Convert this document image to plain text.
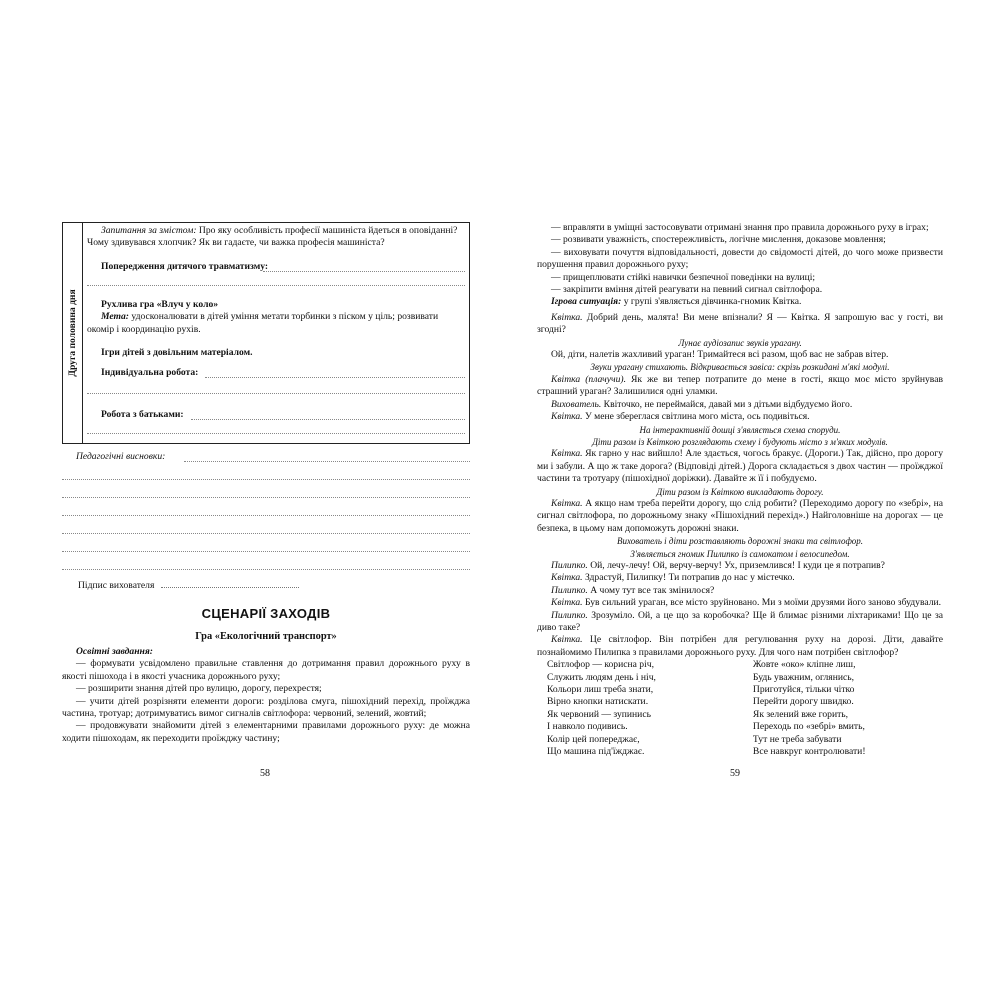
Друга половина дня

Запитання за змістом: Про яку особливість професії машиніста йдеться в оповіданні? Чому здивувався хлопчик? Як ви гадаєте, чи важка професія машиніста?

Попередження дитячого травматизму:

Рухлива гра «Влуч у коло»

Мета: удосконалювати в дітей уміння метати торбинки з піском у ціль; розвивати окомір і координацію рухів.

Ігри дітей з довільним матеріалом.

Індивідуальна робота:

Робота з батьками:

Педагогічні висновки:
Підпис вихователя
СЦЕНАРІЇ ЗАХОДІВ
Гра «Екологічний транспорт»

Освітні завдання:

— формувати усвідомлено правильне ставлення до дотримання правил дорожнього руху в якості пішохода і в якості учасника дорожнього руху;

— розширити знання дітей про вулицю, дорогу, перехрестя;

— учити дітей розрізняти елементи дороги: розділова смуга, пішохідний перехід, проїжджа частина, тротуар; дотримуватись вимог сигналів світлофора: червоний, зелений, жовтий;

— продовжувати знайомити дітей з елементарними правилами дорожнього руху: де можна ходити пішоходам, як переходити проїжджу частину;

58

— вправляти в уміщні застосовувати отримані знання про правила дорожнього руху в іграх;

— розвивати уважність, спостережливість, логічне мислення, доказове мовлення;

— виховувати почуття відповідальності, довести до свідомості дітей, до чого може призвести порушення правил дорожнього руху;

— прищеплювати стійкі навички безпечної поведінки на вулиці;

— закріпити вміння дітей реагувати на певний сигнал світлофора.

Ігрова ситуація: у групі з'являється дівчинка-гномик Квітка.

Квітка. Добрий день, малята! Ви мене впізнали? Я — Квітка. Я запрошую вас у гості, ви згодні?

Лунає аудіозапис звуків урагану.

Ой, діти, налетів жахливий ураган! Тримайтеся всі разом, щоб вас не забрав вітер.

Звуки урагану стихають. Відкривається завіса: скрізь розкидані м'які модулі.

Квітка (плачучи). Як же ви тепер потрапите до мене в гості, якщо моє місто зруйнував страшний ураган? Залишилися одні уламки.

Вихователь. Квіточко, не переймайся, давай ми з дітьми відбудуємо його.

Квітка. У мене збереглася світлина мого міста, ось подивіться.

На інтерактивній дошці з'являється схема споруди.

Діти разом із Квіткою розглядають схему і будують місто з м'яких модулів.

Квітка. Як гарно у нас вийшло! Але здається, чогось бракує. (Дороги.) Так, дійсно, про дорогу ми і забули. А що ж таке дорога? (Відповіді дітей.) Дорога складається з двох частин — проїжджої частини та тротуару (пішохідної доріжки). Давайте ж її і побудуємо.

Діти разом із Квіткою викладають дорогу.

Квітка. А якщо нам треба перейти дорогу, що слід робити? (Переходимо дорогу по «зебрі», на сигнал світлофора, по дорожньому знаку «Пішохідний перехід».) Найголовніше на дорогах — це безпека, в цьому нам допоможуть дорожні знаки.

Вихователь і діти розставляють дорожні знаки та світлофор.

З'являється гномик Пилипко із самокатом і велосипедом.

Пилипко. Ой, лечу-лечу! Ой, верчу-верчу! Ух, приземлився! І куди це я потрапив?

Квітка. Здрастуй, Пилипку! Ти потрапив до нас у містечко.

Пилипко. А чому тут все так змінилося?

Квітка. Був сильний ураган, все місто зруйновано. Ми з моїми друзями його заново збудували.

Пилипко. Зрозуміло. Ой, а це що за коробочка? Ще й блимає різними ліхтариками! Що це за диво таке?

Квітка. Це світлофор. Він потрібен для регулювання руху на дорозі. Діти, давайте познайомимо Пилипка з правилами дорожнього руху. Для чого нам потрібен світлофор?

Світлофор — корисна річ,

Служить людям день і ніч,

Кольори лиш треба знати,

Вірно кнопки натискати.

Як червоний — зупинись

І навколо подивись.

Колір цей попереджає,

Що машина під'їжджає.

Жовте «око» кліпне лиш,

Будь уважним, оглянись,

Приготуйся, тільки чітко

Перейти дорогу швидко.

Як зелений вже горить,

Переходь по «зебрі» вмить,

Тут не треба забувати

Все навкруг контролювати!

59
